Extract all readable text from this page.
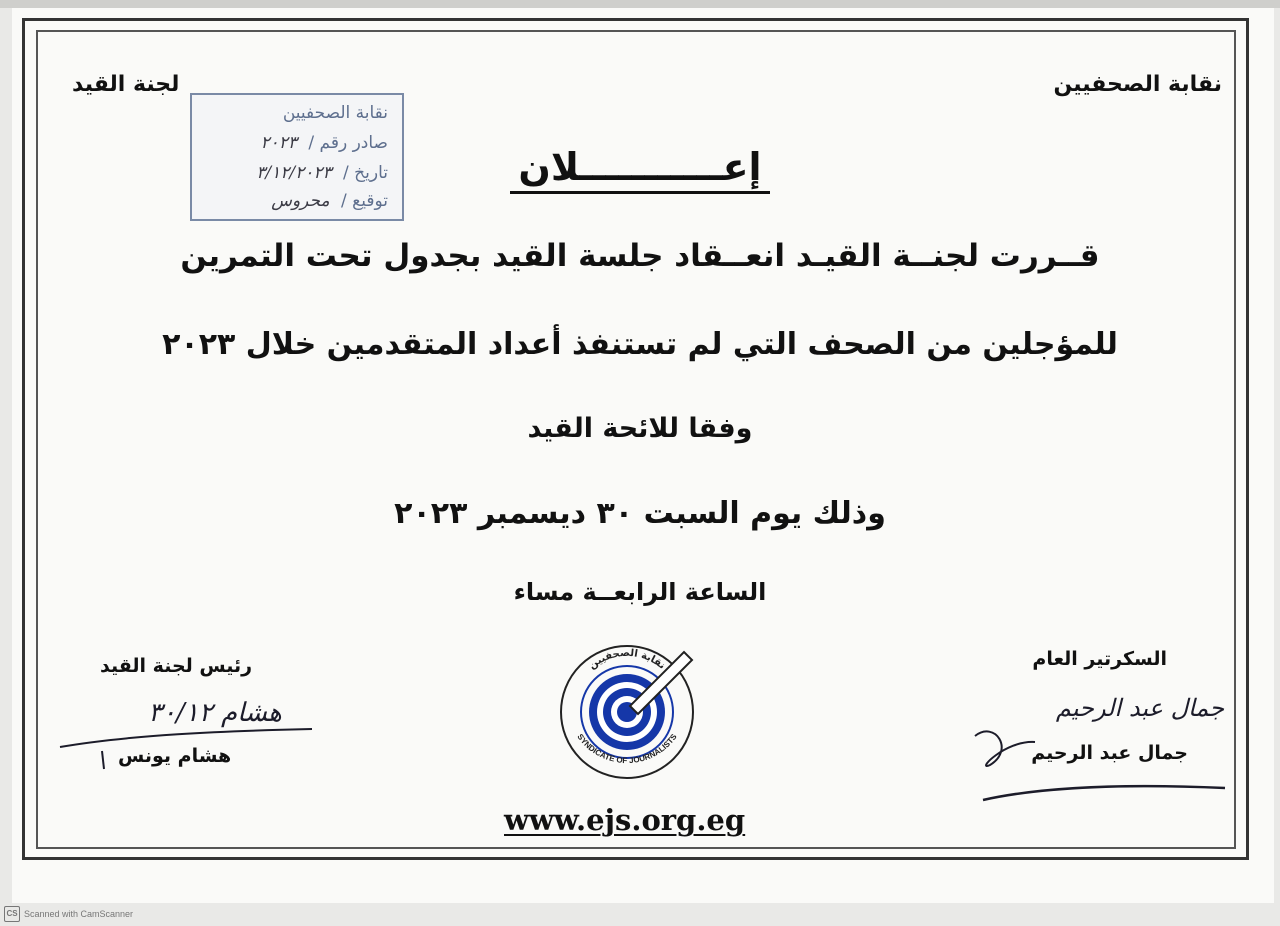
نقابة الصحفيين
لجنة القيد
نقابة الصحفيين
صادر رقم / ٢٠٢٣
تاريخ / ٣/١٢/٢٠٢٣
توقيع / محروس
إعـــــــــــلان
قــررت لجنــة القيـد انعــقاد جلسة القيد بجدول تحت التمرين
للمؤجلين من الصحف التي لم تستنفذ أعداد المتقدمين خلال ٢٠٢٣
وفقا للائحة القيد
وذلك يوم السبت ٣٠ ديسمبر ٢٠٢٣
الساعة الرابعــة مساء
السكرتير العام
جمال عبد الرحيم
جمال عبد الرحيم
رئيس لجنة القيد
هشام ٣٠/١٢
هشام يونس
نقابة الصحفيين
SYNDICATE OF JOURNALISTS
www.ejs.org.eg
CS Scanned with CamScanner
